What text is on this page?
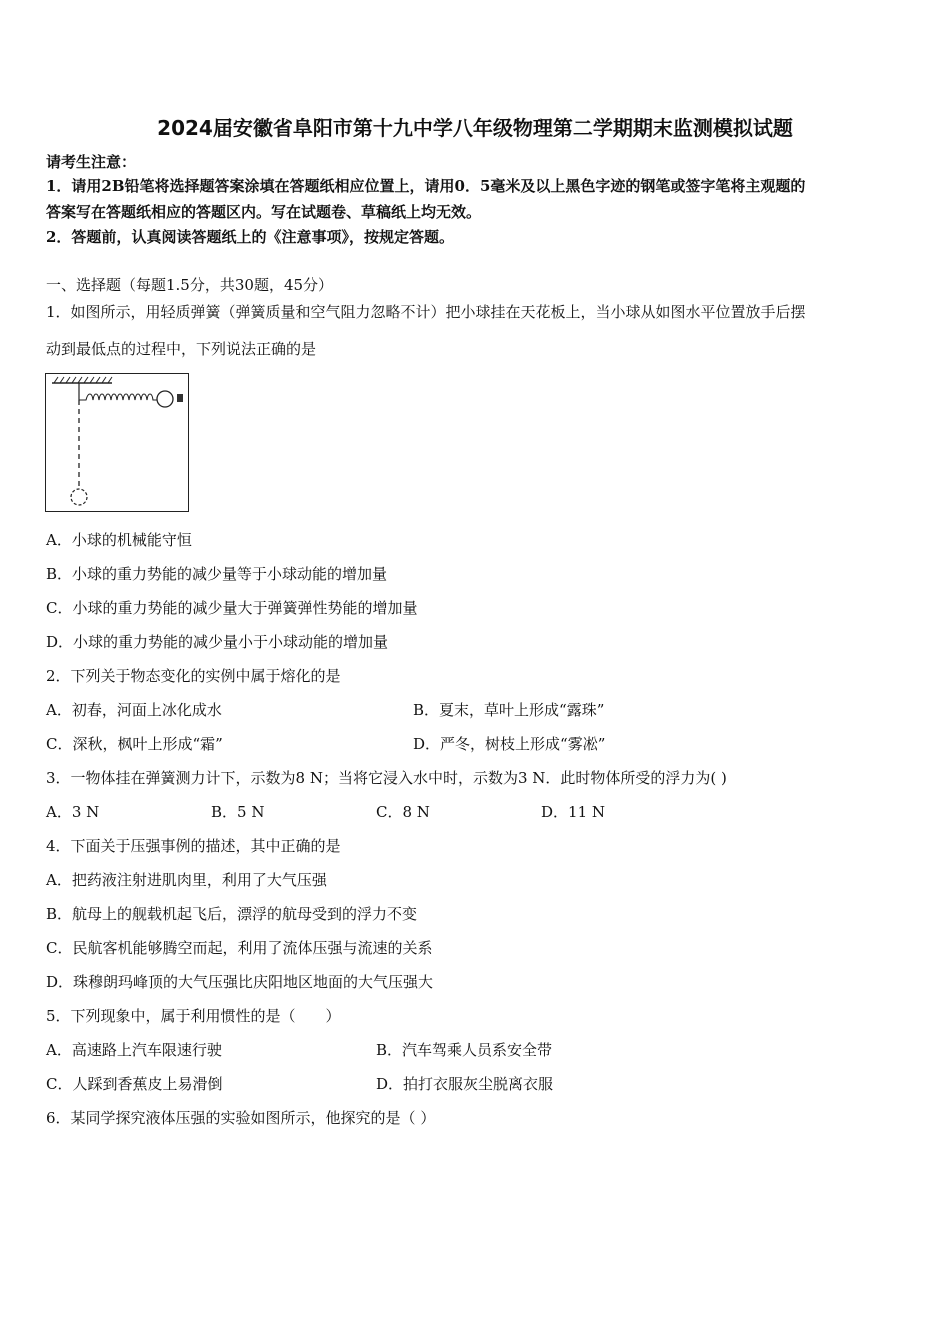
2024届安徽省阜阳市第十九中学八年级物理第二学期期末监测模拟试题
请考生注意：
1．请用2B铅笔将选择题答案涂填在答题纸相应位置上，请用0．5毫米及以上黑色字迹的钢笔或签字笔将主观题的
答案写在答题纸相应的答题区内。写在试题卷、草稿纸上均无效。
2．答题前，认真阅读答题纸上的《注意事项》，按规定答题。
一、选择题（每题1.5分，共30题，45分）
1．如图所示，用轻质弹簧（弹簧质量和空气阻力忽略不计）把小球挂在天花板上，当小球从如图水平位置放手后摆
动到最低点的过程中，下列说法正确的是
A．小球的机械能守恒
B．小球的重力势能的减少量等于小球动能的增加量
C．小球的重力势能的减少量大于弹簧弹性势能的增加量
D．小球的重力势能的减少量小于小球动能的增加量
2．下列关于物态变化的实例中属于熔化的是
A．初春，河面上冰化成水	B．夏末，草叶上形成“露珠”
C．深秋，枫叶上形成“霜”	D．严冬，树枝上形成“雾凇”
3．一物体挂在弹簧测力计下，示数为8 N；当将它浸入水中时，示数为3 N．此时物体所受的浮力为( )
A．3 N	B．5 N	C．8 N	D．11 N
4．下面关于压强事例的描述，其中正确的是
A．把药液注射进肌肉里，利用了大气压强
B．航母上的舰载机起飞后，漂浮的航母受到的浮力不变
C．民航客机能够腾空而起，利用了流体压强与流速的关系
D．珠穆朗玛峰顶的大气压强比庆阳地区地面的大气压强大
5．下列现象中，属于利用惯性的是（　　）
A．高速路上汽车限速行驶	B．汽车驾乘人员系安全带
C．人踩到香蕉皮上易滑倒	D．拍打衣服灰尘脱离衣服
6．某同学探究液体压强的实验如图所示，他探究的是（ ）
